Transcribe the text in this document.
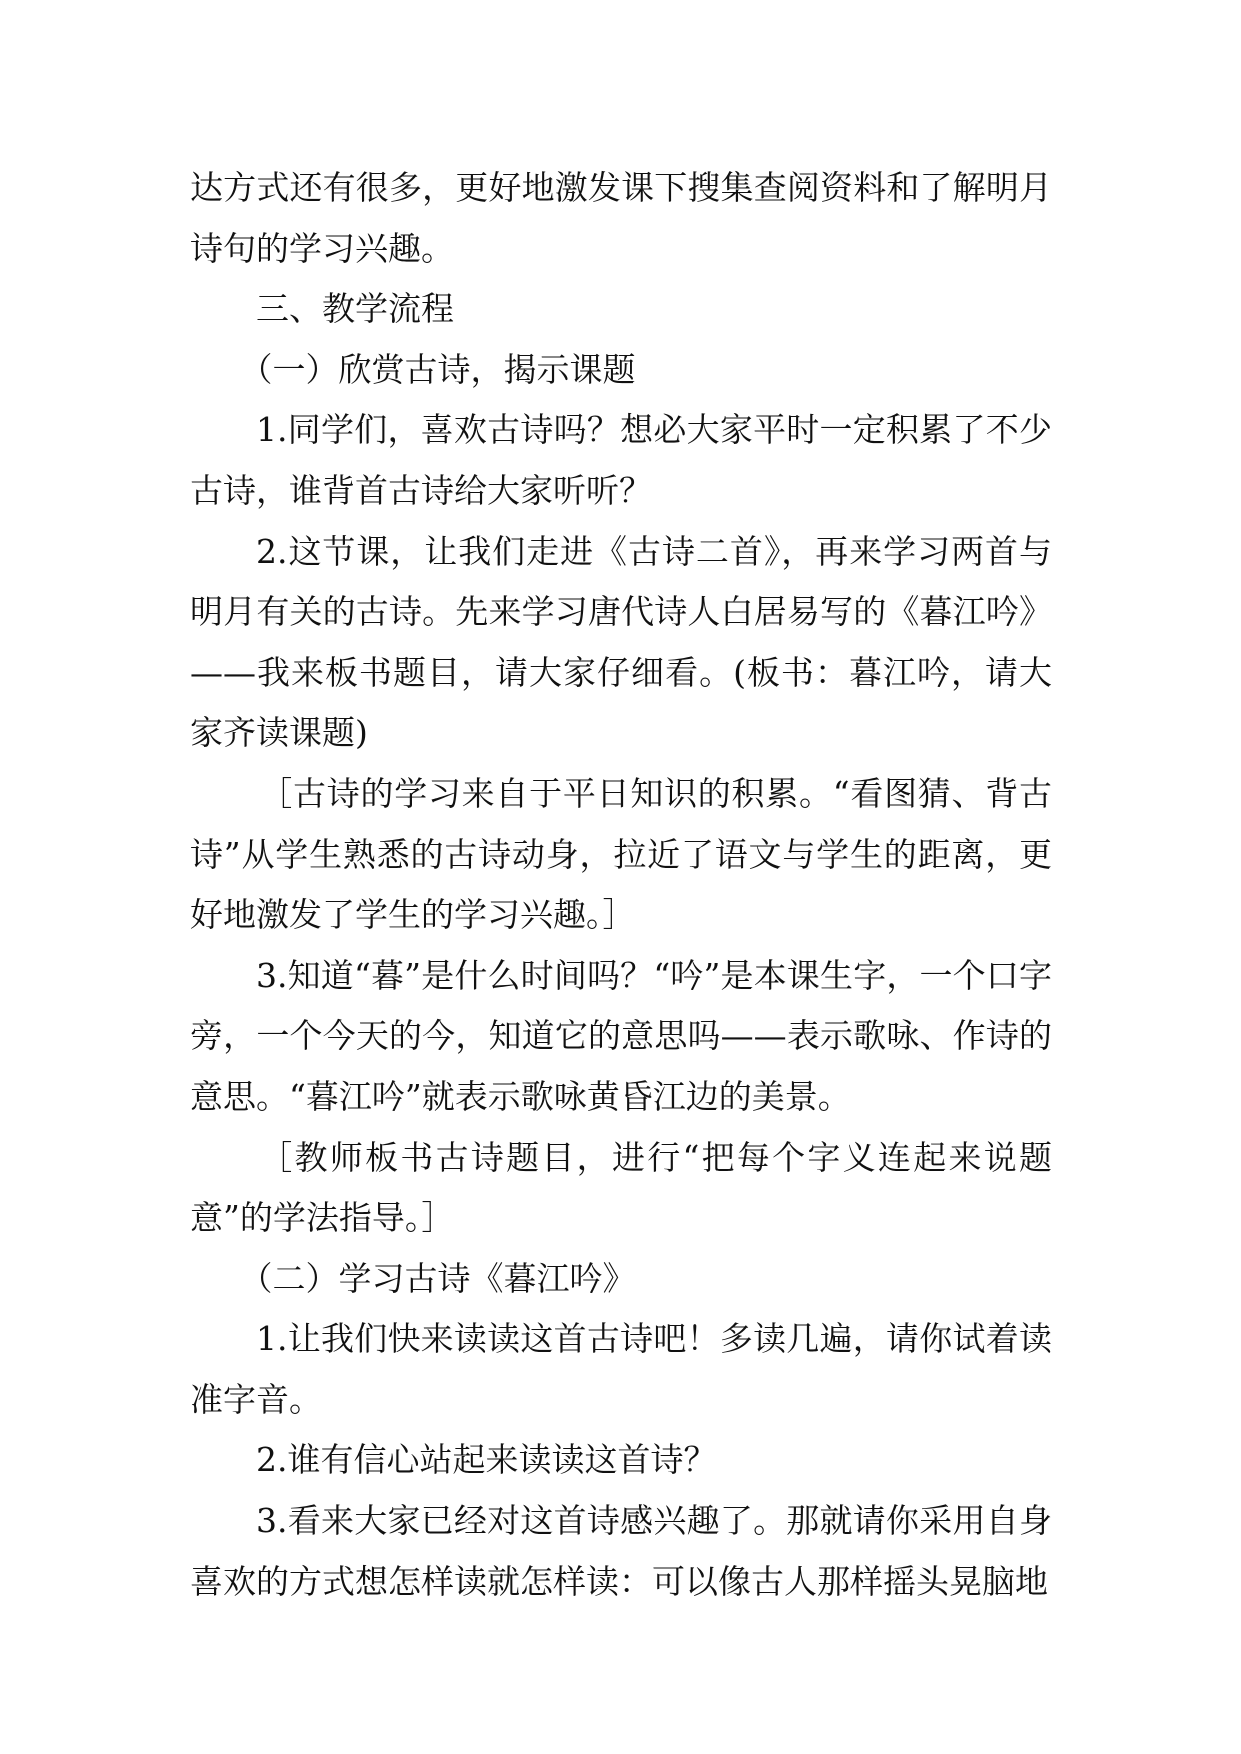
达方式还有很多，更好地激发课下搜集查阅资料和了解明月诗句的学习兴趣。

三、教学流程

（一）欣赏古诗，揭示课题

1.同学们，喜欢古诗吗？想必大家平时一定积累了不少古诗，谁背首古诗给大家听听？

2.这节课，让我们走进《古诗二首》，再来学习两首与明月有关的古诗。先来学习唐代诗人白居易写的《暮江吟》——我来板书题目，请大家仔细看。(板书：暮江吟，请大家齐读课题)

［古诗的学习来自于平日知识的积累。“看图猜、背古诗”从学生熟悉的古诗动身，拉近了语文与学生的距离，更好地激发了学生的学习兴趣。］

3.知道“暮”是什么时间吗？“吟”是本课生字，一个口字旁，一个今天的今，知道它的意思吗——表示歌咏、作诗的意思。“暮江吟”就表示歌咏黄昏江边的美景。

［教师板书古诗题目，进行“把每个字义连起来说题意”的学法指导。］

（二）学习古诗《暮江吟》

1.让我们快来读读这首古诗吧！多读几遍，请你试着读准字音。

2.谁有信心站起来读读这首诗？

3.看来大家已经对这首诗感兴趣了。那就请你采用自身喜欢的方式想怎样读就怎样读：可以像古人那样摇头晃脑地
